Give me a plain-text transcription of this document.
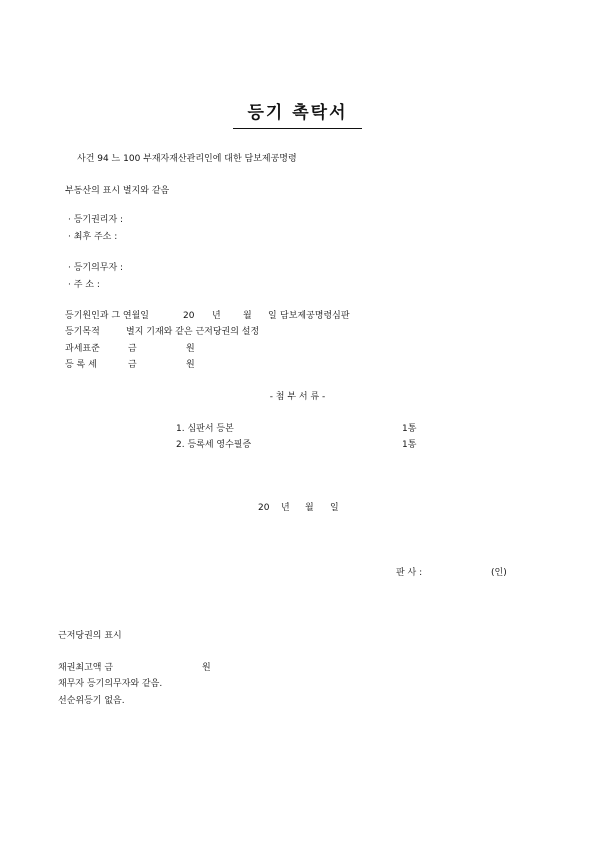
등기 촉탁서
사건 94 느 100 부재자재산관리인에 대한 담보제공명령
부동산의 표시 별지와 같음
· 등기권리자 :
· 최후 주소 :
· 등기의무자 :
· 주 소 :
등기원인과 그 연월일	20 년 월 일 담보제공명령심판
등기목적	별지 기재와 같은 근저당권의 설정
과세표준	금	원
등 록 세	금	원
- 첨 부 서 류 -
1. 심판서 등본	1통
2. 등록세 영수필증	1통
20 년 월 일
판 사 :	(인)
근저당권의 표시
채권최고액 금	원
채무자 등기의무자와 같음.
선순위등기 없음.
